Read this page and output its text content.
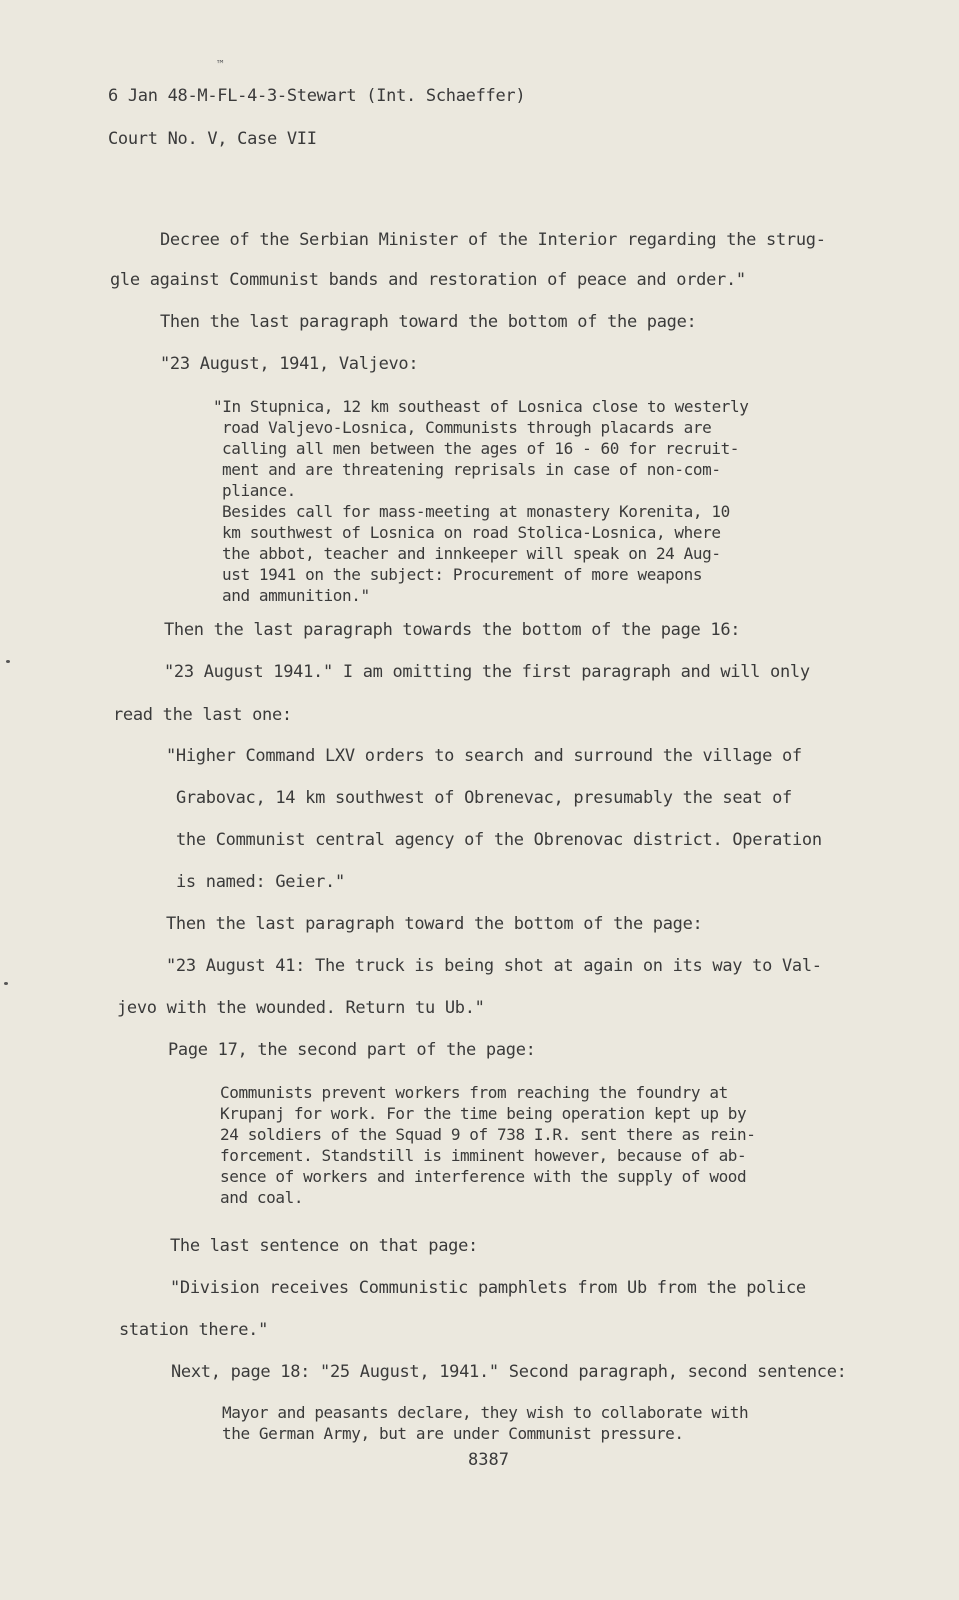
™
6 Jan 48-M-FL-4-3-Stewart (Int. Schaeffer)
Court No. V, Case VII
Decree of the Serbian Minister of the Interior regarding the strug-
gle against Communist bands and restoration of peace and order."
Then the last paragraph toward the bottom of the page:
"23 August, 1941, Valjevo:
"In Stupnica, 12 km southeast of Losnica close to westerly
road Valjevo-Losnica, Communists through placards are
calling all men between the ages of 16 - 60 for recruit-
ment and are threatening reprisals in case of non-com-
pliance.
Besides call for mass-meeting at monastery Korenita, 10
km southwest of Losnica on road Stolica-Losnica, where
the abbot, teacher and innkeeper will speak on 24 Aug-
ust 1941 on the subject: Procurement of more weapons
and ammunition."
Then the last paragraph towards the bottom of the page 16:
"23 August 1941." I am omitting the first paragraph and will only
read the last one:
"Higher Command LXV orders to search and surround the village of
Grabovac, 14 km southwest of Obrenevac, presumably the seat of
the Communist central agency of the Obrenovac district. Operation
is named: Geier."
Then the last paragraph toward the bottom of the page:
"23 August 41: The truck is being shot at again on its way to Val-
jevo with the wounded. Return tu Ub."
Page 17, the second part of the page:
Communists prevent workers from reaching the foundry at
Krupanj for work. For the time being operation kept up by
24 soldiers of the Squad 9 of 738 I.R. sent there as rein-
forcement. Standstill is imminent however, because of ab-
sence of workers and interference with the supply of wood
and coal.
The last sentence on that page:
"Division receives Communistic pamphlets from Ub from the police
station there."
Next, page 18: "25 August, 1941." Second paragraph, second sentence:
Mayor and peasants declare, they wish to collaborate with
the German Army, but are under Communist pressure.
8387
